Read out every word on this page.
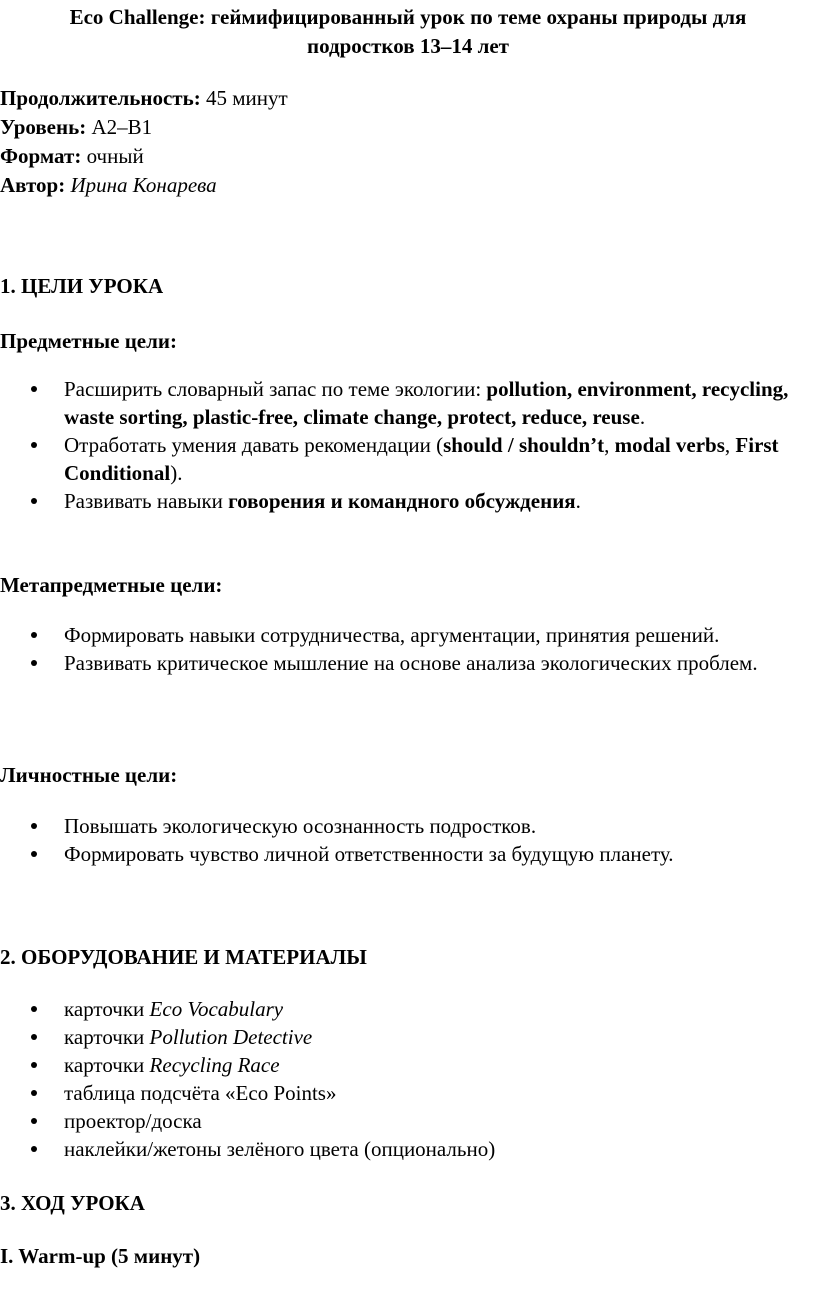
Eco Challenge: геймифицированный урок по теме охраны природы для
подростков 13–14 лет
Продолжительность: 45 минут
Уровень: A2–B1
Формат: очный
Автор: Ирина Конарева
1. ЦЕЛИ УРОКА
Предметные цели:
Расширить словарный запас по теме экологии: pollution, environment, recycling, waste sorting, plastic-free, climate change, protect, reduce, reuse.
Отработать умения давать рекомендации (should / shouldn’t, modal verbs, First Conditional).
Развивать навыки говорения и командного обсуждения.
Метапредметные цели:
Формировать навыки сотрудничества, аргументации, принятия решений.
Развивать критическое мышление на основе анализа экологических проблем.
Личностные цели:
Повышать экологическую осознанность подростков.
Формировать чувство личной ответственности за будущую планету.
2. ОБОРУДОВАНИЕ И МАТЕРИАЛЫ
карточки Eco Vocabulary
карточки Pollution Detective
карточки Recycling Race
таблица подсчёта «Eco Points»
проектор/доска
наклейки/жетоны зелёного цвета (опционально)
3. ХОД УРОКА
I. Warm-up (5 минут)
